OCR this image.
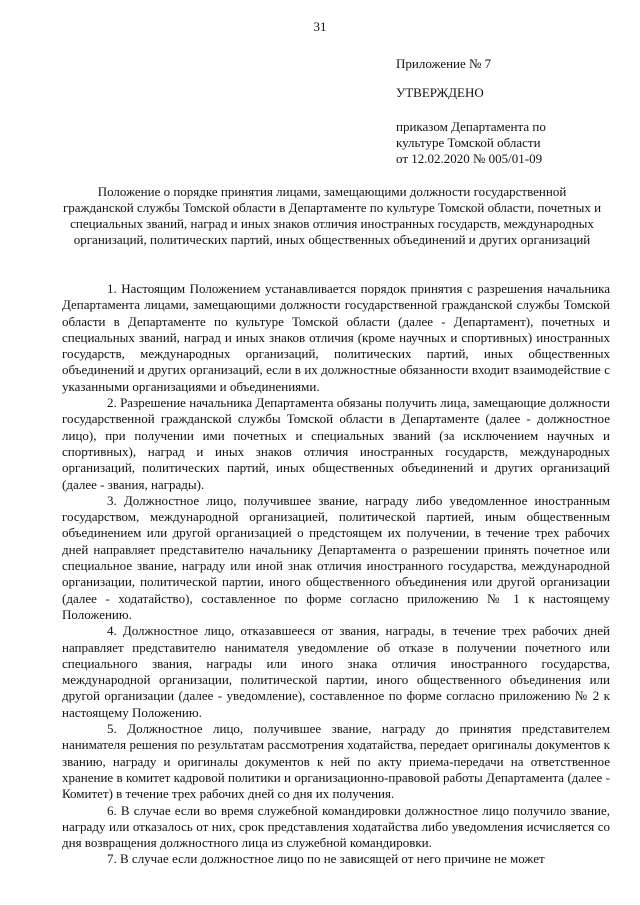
31
Приложение № 7
УТВЕРЖДЕНО
приказом Департамента по
культуре Томской области
от 12.02.2020 № 005/01-09
Положение о порядке принятия лицами, замещающими должности государственной гражданской службы Томской области в Департаменте по культуре Томской области, почетных и специальных званий, наград и иных знаков отличия иностранных государств, международных организаций, политических партий, иных общественных объединений и других организаций

1. Настоящим Положением устанавливается порядок принятия с разрешения начальника Департамента лицами, замещающими должности государственной гражданской службы Томской области в Департаменте по культуре Томской области (далее - Департамент), почетных и специальных званий, наград и иных знаков отличия (кроме научных и спортивных) иностранных государств, международных организаций, политических партий, иных общественных объединений и других организаций, если в их должностные обязанности входит взаимодействие с указанными организациями и объединениями.

2. Разрешение начальника Департамента обязаны получить лица, замещающие должности государственной гражданской службы Томской области в Департаменте (далее - должностное лицо), при получении ими почетных и специальных званий (за исключением научных и спортивных), наград и иных знаков отличия иностранных государств, международных организаций, политических партий, иных общественных объединений и других организаций (далее - звания, награды).

3. Должностное лицо, получившее звание, награду либо уведомленное иностранным государством, международной организацией, политической партией, иным общественным объединением или другой организацией о предстоящем их получении, в течение трех рабочих дней направляет представителю начальнику Департамента о разрешении принять почетное или специальное звание, награду или иной знак отличия иностранного государства, международной организации, политической партии, иного общественного объединения или другой организации (далее - ходатайство), составленное по форме согласно приложению № 1 к настоящему Положению.

4. Должностное лицо, отказавшееся от звания, награды, в течение трех рабочих дней направляет представителю нанимателя уведомление об отказе в получении почетного или специального звания, награды или иного знака отличия иностранного государства, международной организации, политической партии, иного общественного объединения или другой организации (далее - уведомление), составленное по форме согласно приложению № 2 к настоящему Положению.

5. Должностное лицо, получившее звание, награду до принятия представителем нанимателя решения по результатам рассмотрения ходатайства, передает оригиналы документов к званию, награду и оригиналы документов к ней по акту приема-передачи на ответственное хранение в комитет кадровой политики и организационно-правовой работы Департамента (далее - Комитет) в течение трех рабочих дней со дня их получения.

6. В случае если во время служебной командировки должностное лицо получило звание, награду или отказалось от них, срок представления ходатайства либо уведомления исчисляется со дня возвращения должностного лица из служебной командировки.

7. В случае если должностное лицо по не зависящей от него причине не может
